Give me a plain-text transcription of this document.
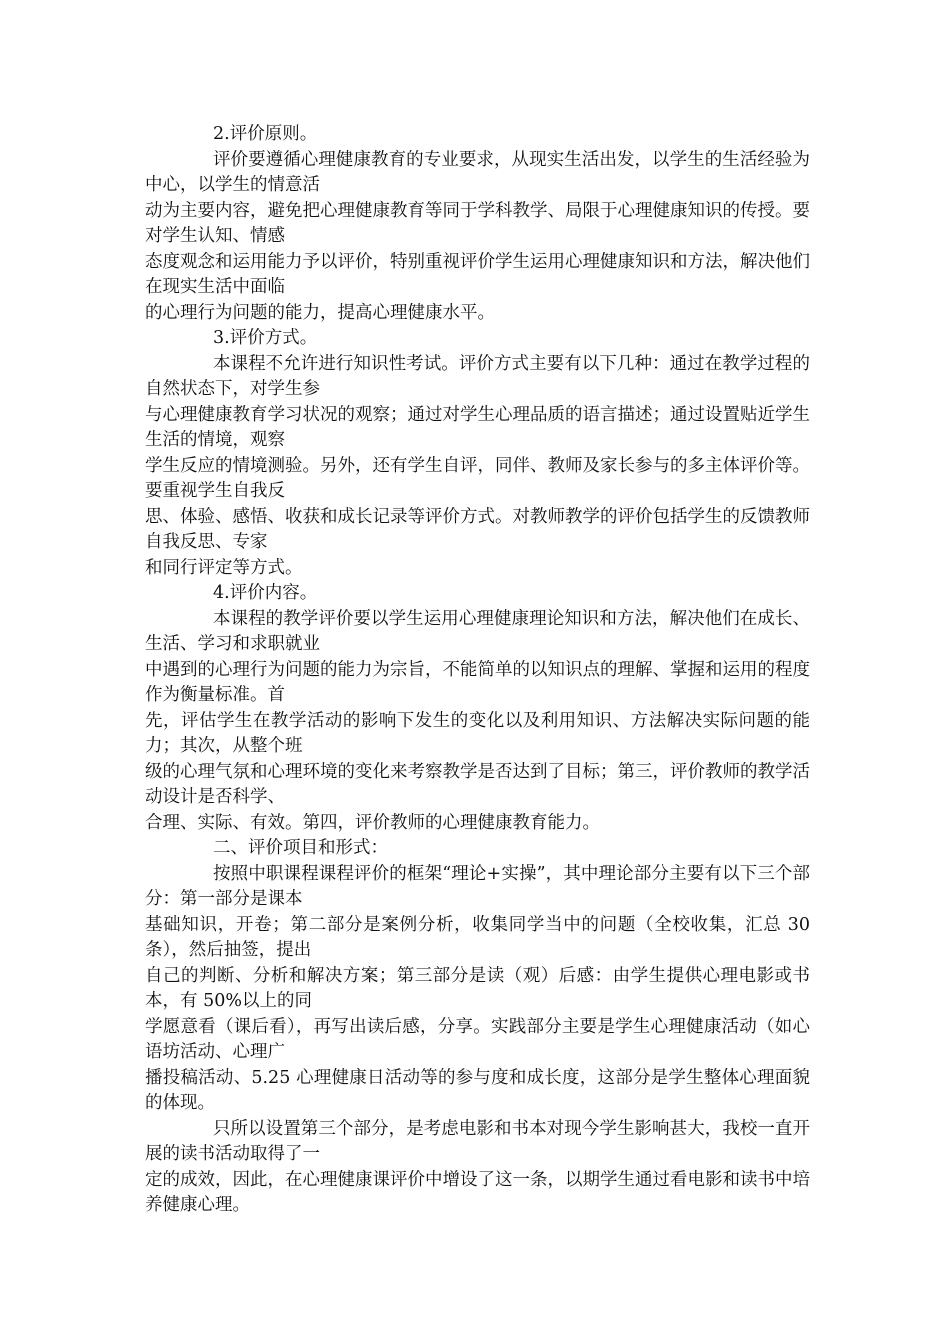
2.评价原则。

评价要遵循心理健康教育的专业要求，从现实生活出发，以学生的生活经验为中心，以学生的情意活

动为主要内容，避免把心理健康教育等同于学科教学、局限于心理健康知识的传授。要对学生认知、情感

态度观念和运用能力予以评价，特别重视评价学生运用心理健康知识和方法，解决他们在现实生活中面临

的心理行为问题的能力，提高心理健康水平。

3.评价方式。

本课程不允许进行知识性考试。评价方式主要有以下几种：通过在教学过程的自然状态下，对学生参

与心理健康教育学习状况的观察；通过对学生心理品质的语言描述；通过设置贴近学生生活的情境，观察

学生反应的情境测验。另外，还有学生自评，同伴、教师及家长参与的多主体评价等。要重视学生自我反

思、体验、感悟、收获和成长记录等评价方式。对教师教学的评价包括学生的反馈教师自我反思、专家

和同行评定等方式。

4.评价内容。

本课程的教学评价要以学生运用心理健康理论知识和方法，解决他们在成长、生活、学习和求职就业

中遇到的心理行为问题的能力为宗旨，不能简单的以知识点的理解、掌握和运用的程度作为衡量标准。首

先，评估学生在教学活动的影响下发生的变化以及利用知识、方法解决实际问题的能力；其次，从整个班

级的心理气氛和心理环境的变化来考察教学是否达到了目标；第三，评价教师的教学活动设计是否科学、

合理、实际、有效。第四，评价教师的心理健康教育能力。

二、评价项目和形式：

按照中职课程课程评价的框架“理论+实操”，其中理论部分主要有以下三个部分：第一部分是课本

基础知识，开卷；第二部分是案例分析，收集同学当中的问题（全校收集，汇总 30 条），然后抽签，提出

自己的判断、分析和解决方案；第三部分是读（观）后感：由学生提供心理电影或书本，有 50%以上的同

学愿意看（课后看），再写出读后感，分享。实践部分主要是学生心理健康活动（如心语坊活动、心理广

播投稿活动、5.25 心理健康日活动等的参与度和成长度，这部分是学生整体心理面貌的体现。

只所以设置第三个部分，是考虑电影和书本对现今学生影响甚大，我校一直开展的读书活动取得了一

定的成效，因此，在心理健康课评价中增设了这一条，以期学生通过看电影和读书中培养健康心理。
